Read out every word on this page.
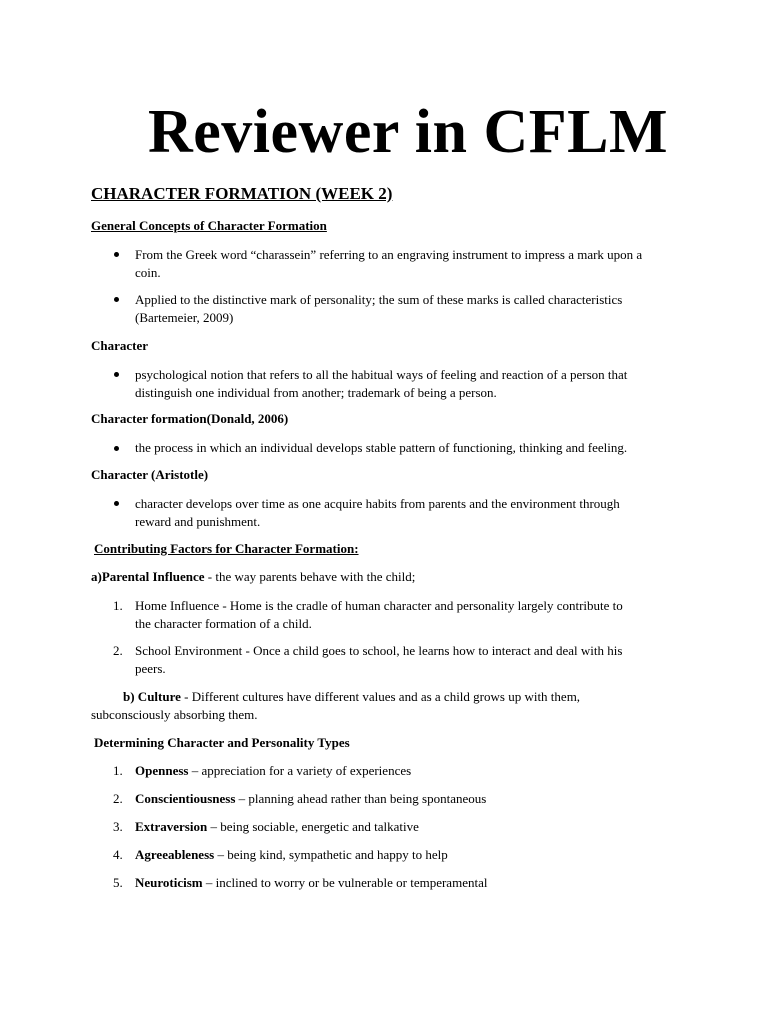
Reviewer in CFLM
CHARACTER FORMATION (WEEK 2)
General Concepts of Character Formation
From the Greek word “charassein” referring to an engraving instrument to impress a mark upon a
coin.
Applied to the distinctive mark of personality; the sum of these marks is called characteristics
(Bartemeier, 2009)
Character
psychological notion that refers to all the habitual ways of feeling and reaction of a person that
distinguish one individual from another; trademark of being a person.
Character formation(Donald, 2006)
the process in which an individual develops stable pattern of functioning, thinking and feeling.
Character (Aristotle)
character develops over time as one acquire habits from parents and the environment through
reward and punishment.
Contributing Factors for Character Formation:
a)Parental Influence - the way parents behave with the child;
1. Home Influence - Home is the cradle of human character and personality largely contribute to
the character formation of a child.
2. School Environment - Once a child goes to school, he learns how to interact and deal with his
peers.
b) Culture - Different cultures have different values and as a child grows up with them,
subconsciously absorbing them.
Determining Character and Personality Types
1. Openness – appreciation for a variety of experiences
2. Conscientiousness – planning ahead rather than being spontaneous
3. Extraversion – being sociable, energetic and talkative
4. Agreeableness – being kind, sympathetic and happy to help
5. Neuroticism – inclined to worry or be vulnerable or temperamental
